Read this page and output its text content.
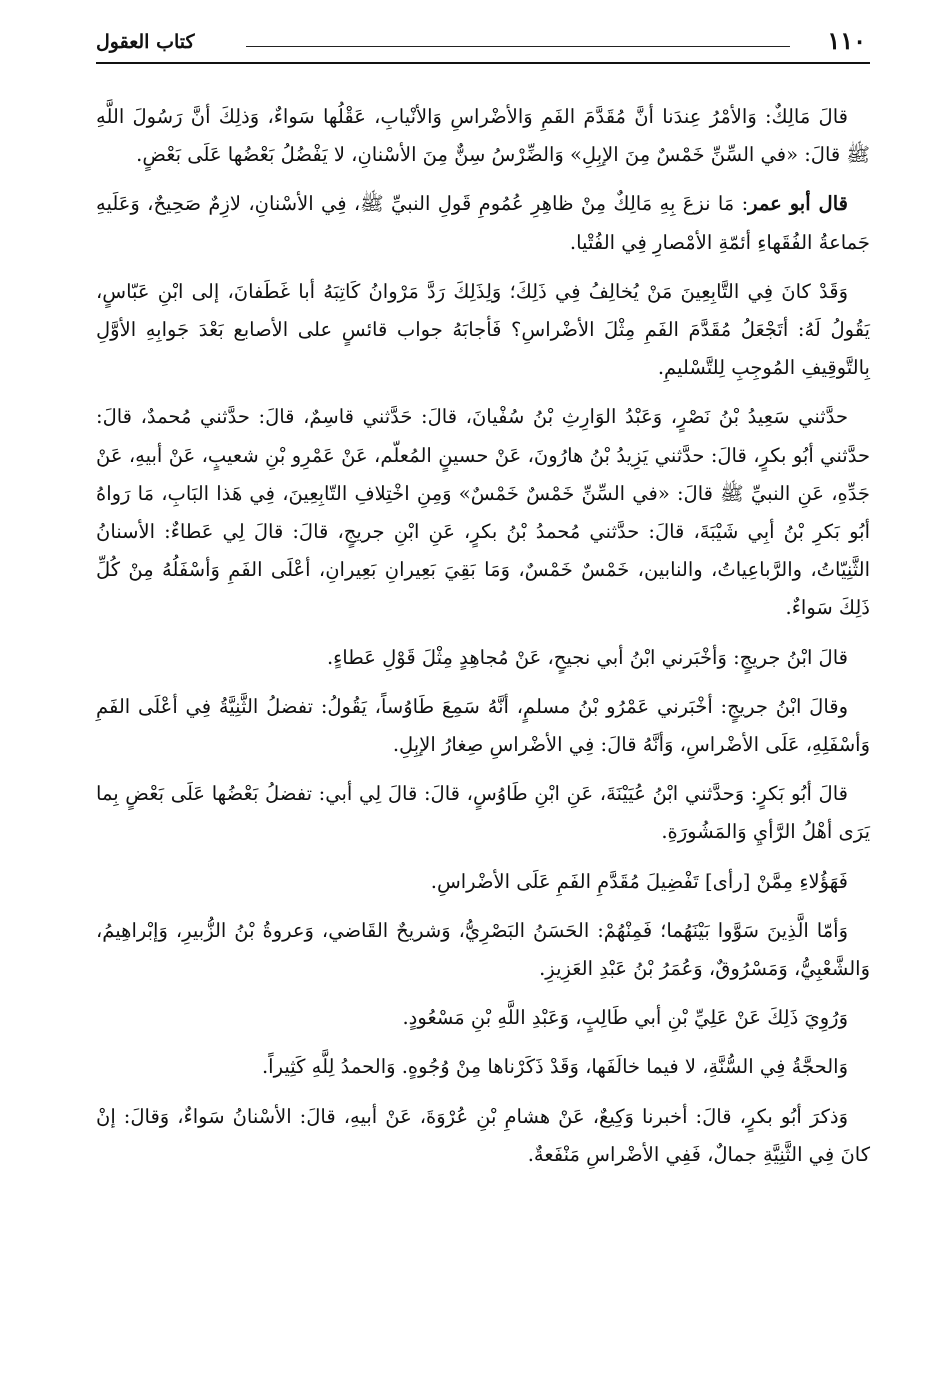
١١٠
كتاب العقول

قالَ مَالِكٌ: وَالأمْرُ عِندَنا أنَّ مُقَدَّمَ الفَمِ وَالأضْراسِ وَالأنْيابِ، عَقْلُها سَواءٌ، وَذلِكَ أنَّ رَسُولَ اللَّهِ ﷺ قالَ: «في السِّنِّ خَمْسٌ مِنَ الإبِلِ» وَالضِّرْسُ سِنٌّ مِنَ الأسْنانِ، لا يَفْضُلُ بَعْضُها عَلَى بَعْضٍ.

قال أبو عمر: مَا نزعَ بِهِ مَالِكٌ مِنْ ظاهِرِ عُمُومِ قَولِ النبيِّ ﷺ، فِي الأسْنانِ، لازِمٌ صَحِيحٌ، وَعَلَيهِ جَماعةُ الفُقَهاءِ أئمّةِ الأمْصارِ فِي الفُتْيا.

وَقَدْ كانَ فِي التَّابِعِينَ مَنْ يُخالِفُ فِي ذَلِكَ؛ وَلِذَلِكَ رَدَّ مَرْوانُ كَاتِبَهُ أبا غَطَفانَ، إلى ابْنِ عَبّاسٍ، يَقُولُ لَهُ: أتَجْعَلُ مُقَدَّمَ الفَمِ مِثْلَ الأضْراسِ؟ فَأجابَهُ جواب قائسٍ على الأصابع بَعْدَ جَوابِهِ الأوَّلِ بِالتَّوقِيفِ المُوجِبِ لِلتَّسْليمِ.

حدَّثني سَعِيدُ بْنُ نَصْرٍ، وَعَبْدُ الوَارِثِ بْنُ سُفْيانَ، قالَ: حَدَّثني قاسِمٌ، قالَ: حدَّثني مُحمدٌ، قالَ: حدَّثني أبُو بكرٍ، قالَ: حدَّثني يَزِيدُ بْنُ هارُونَ، عَنْ حسينٍ المُعلّم، عَنْ عَمْرِو بْنِ شعيبٍ، عَنْ أبيهِ، عَنْ جَدِّهِ، عَنِ النبيِّ ﷺ قالَ: «في السِّنِّ خَمْسٌ خَمْسٌ» وَمِنِ اخْتِلافِ التّابِعِينَ، فِي هَذا البَابِ، مَا رَواهُ أبُو بَكرِ بْنُ أبِي شَيْبَةَ، قالَ: حدَّثني مُحمدُ بْنُ بكرٍ، عَنِ ابْنِ جريجٍ، قالَ: قالَ لِي عَطاءٌ: الأسنانُ الثَّنِيّاتُ، والرَّباعِياتُ، والنابين، خَمْسٌ خَمْسٌ، وَمَا بَقِيَ بَعِيرانِ بَعِيرانِ، أعْلَى الفَمِ وَأسْفَلُهُ مِنْ كُلِّ ذَلِكَ سَواءٌ.

قالَ ابْنُ جريجٍ: وَأخْبَرني ابْنُ أبي نجيحٍ، عَنْ مُجاهِدٍ مِثْلَ قَوْلِ عَطاءٍ.

وقالَ ابْنُ جريجٍ: أخْبَرني عَمْرُو بْنُ مسلمٍ، أنَّهُ سَمِعَ طَاوُساً، يَقُولُ: تفضلُ الثَّنِيَّةُ فِي أعْلَى الفَمِ وَأسْفَلِهِ، عَلَى الأضْراسِ، وَأنَّهُ قالَ: فِي الأضْراسِ صِغارُ الإبِلِ.

قالَ أبُو بَكرٍ: وَحدَّثني ابْنُ عُيَيْنَةَ، عَنِ ابْنِ طَاوُسٍ، قالَ: قالَ لِي أبي: تفضلُ بَعْضُها عَلَى بَعْضٍ بِما يَرَى أهْلُ الرَّأيِ وَالمَشُورَةِ.

فَهَؤُلاءِ مِمَّنْ [رأى] تَفْضِيلَ مُقَدَّمِ الفَمِ عَلَى الأضْراسِ.

وَأمّا الَّذِينَ سَوَّوا بَيْنَهُما؛ فَمِنْهُمْ: الحَسَنُ البَصْرِيُّ، وَشريحٌ القَاضي، وَعروةُ بْنُ الزُّبيرِ، وَإبْراهِيمُ، وَالشَّعْبِيُّ، وَمَسْرُوقٌ، وَعُمَرُ بْنُ عَبْدِ العَزِيزِ.

وَرُوِيَ ذَلِكَ عَنْ عَلِيِّ بْنِ أبي طَالِبٍ، وَعَبْدِ اللَّهِ بْنِ مَسْعُودٍ.

وَالحجَّةُ فِي السُّنَّةِ، لا فيما خالَفَها، وَقَدْ ذَكَرْناها مِنْ وُجُوهٍ. وَالحمدُ لِلَّهِ كَثِيراً.

وَذكرَ أبُو بكرٍ، قالَ: أخبرنا وَكِيعٌ، عَنْ هشامِ بْنِ عُرْوَةَ، عَنْ أبيهِ، قالَ: الأسْنانُ سَواءٌ، وَقالَ: إنْ كانَ فِي الثَّنِيَّةِ جمالٌ، فَفِي الأضْراسِ مَنْفَعةٌ.
